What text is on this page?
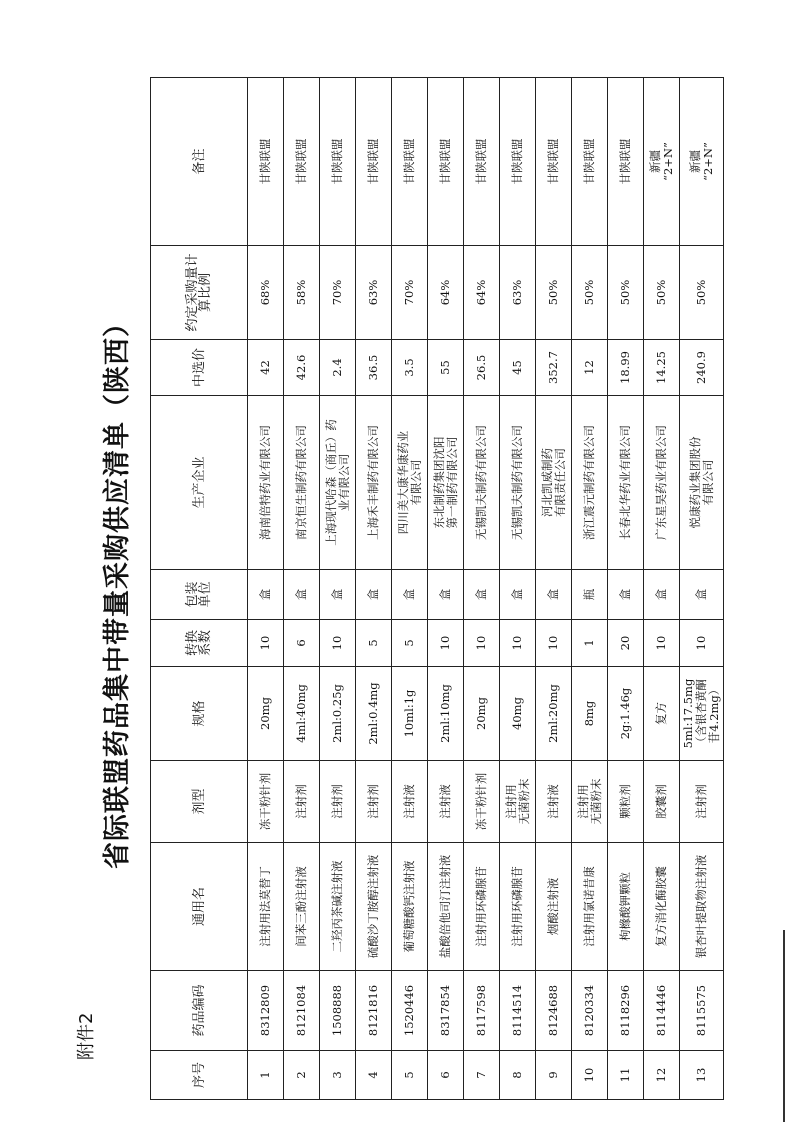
附件2
省际联盟药品集中带量采购供应清单（陕西）
序号	药品编码	通用名	剂型	规格	转换
系数	包装
单位	生产企业	中选价	约定采购量计
算比例	备注
1	8312809	注射用法莫替丁	冻干粉针剂	20mg	10	盒	海南倍特药业有限公司	42	68%	甘陕联盟
2	8121084	间苯三酚注射液	注射剂	4ml:40mg	6	盒	南京恒生制药有限公司	42.6	58%	甘陕联盟
3	1508888	二羟丙茶碱注射液	注射剂	2ml:0.25g	10	盒	上海现代哈森（商丘）药
业有限公司	2.4	70%	甘陕联盟
4	8121816	硫酸沙丁胺醇注射液	注射剂	2ml:0.4mg	5	盒	上海禾丰制药有限公司	36.5	63%	甘陕联盟
5	1520446	葡萄糖酸钙注射液	注射液	10ml:1g	5	盒	四川美大康华康药业
有限公司	3.5	70%	甘陕联盟
6	8317854	盐酸倍他司汀注射液	注射液	2ml:10mg	10	盒	东北制药集团沈阳
第一制药有限公司	55	64%	甘陕联盟
7	8117598	注射用环磷腺苷	冻干粉针剂	20mg	10	盒	无锡凯夫制药有限公司	26.5	64%	甘陕联盟
8	8114514	注射用环磷腺苷	注射用
无菌粉末	40mg	10	盒	无锡凯夫制药有限公司	45	63%	甘陕联盟
9	8124688	烟酸注射液	注射液	2ml:20mg	10	盒	河北凯威制药
有限责任公司	352.7	50%	甘陕联盟
10	8120334	注射用氯诺昔康	注射用
无菌粉末	8mg	1	瓶	浙江震元制药有限公司	12	50%	甘陕联盟
11	8118296	枸橼酸钾颗粒	颗粒剂	2g:1.46g	20	盒	长春北华药业有限公司	18.99	50%	甘陕联盟
12	8114446	复方消化酶胶囊	胶囊剂	复方	10	盒	广东星昊药业有限公司	14.25	50%	新疆
“2+N”
13	8115575	银杏叶提取物注射液	注射剂	5ml:17.5mg
（含银杏黄酮
苷4.2mg）	10	盒	悦康药业集团股份
有限公司	240.9	50%	新疆
“2+N”
